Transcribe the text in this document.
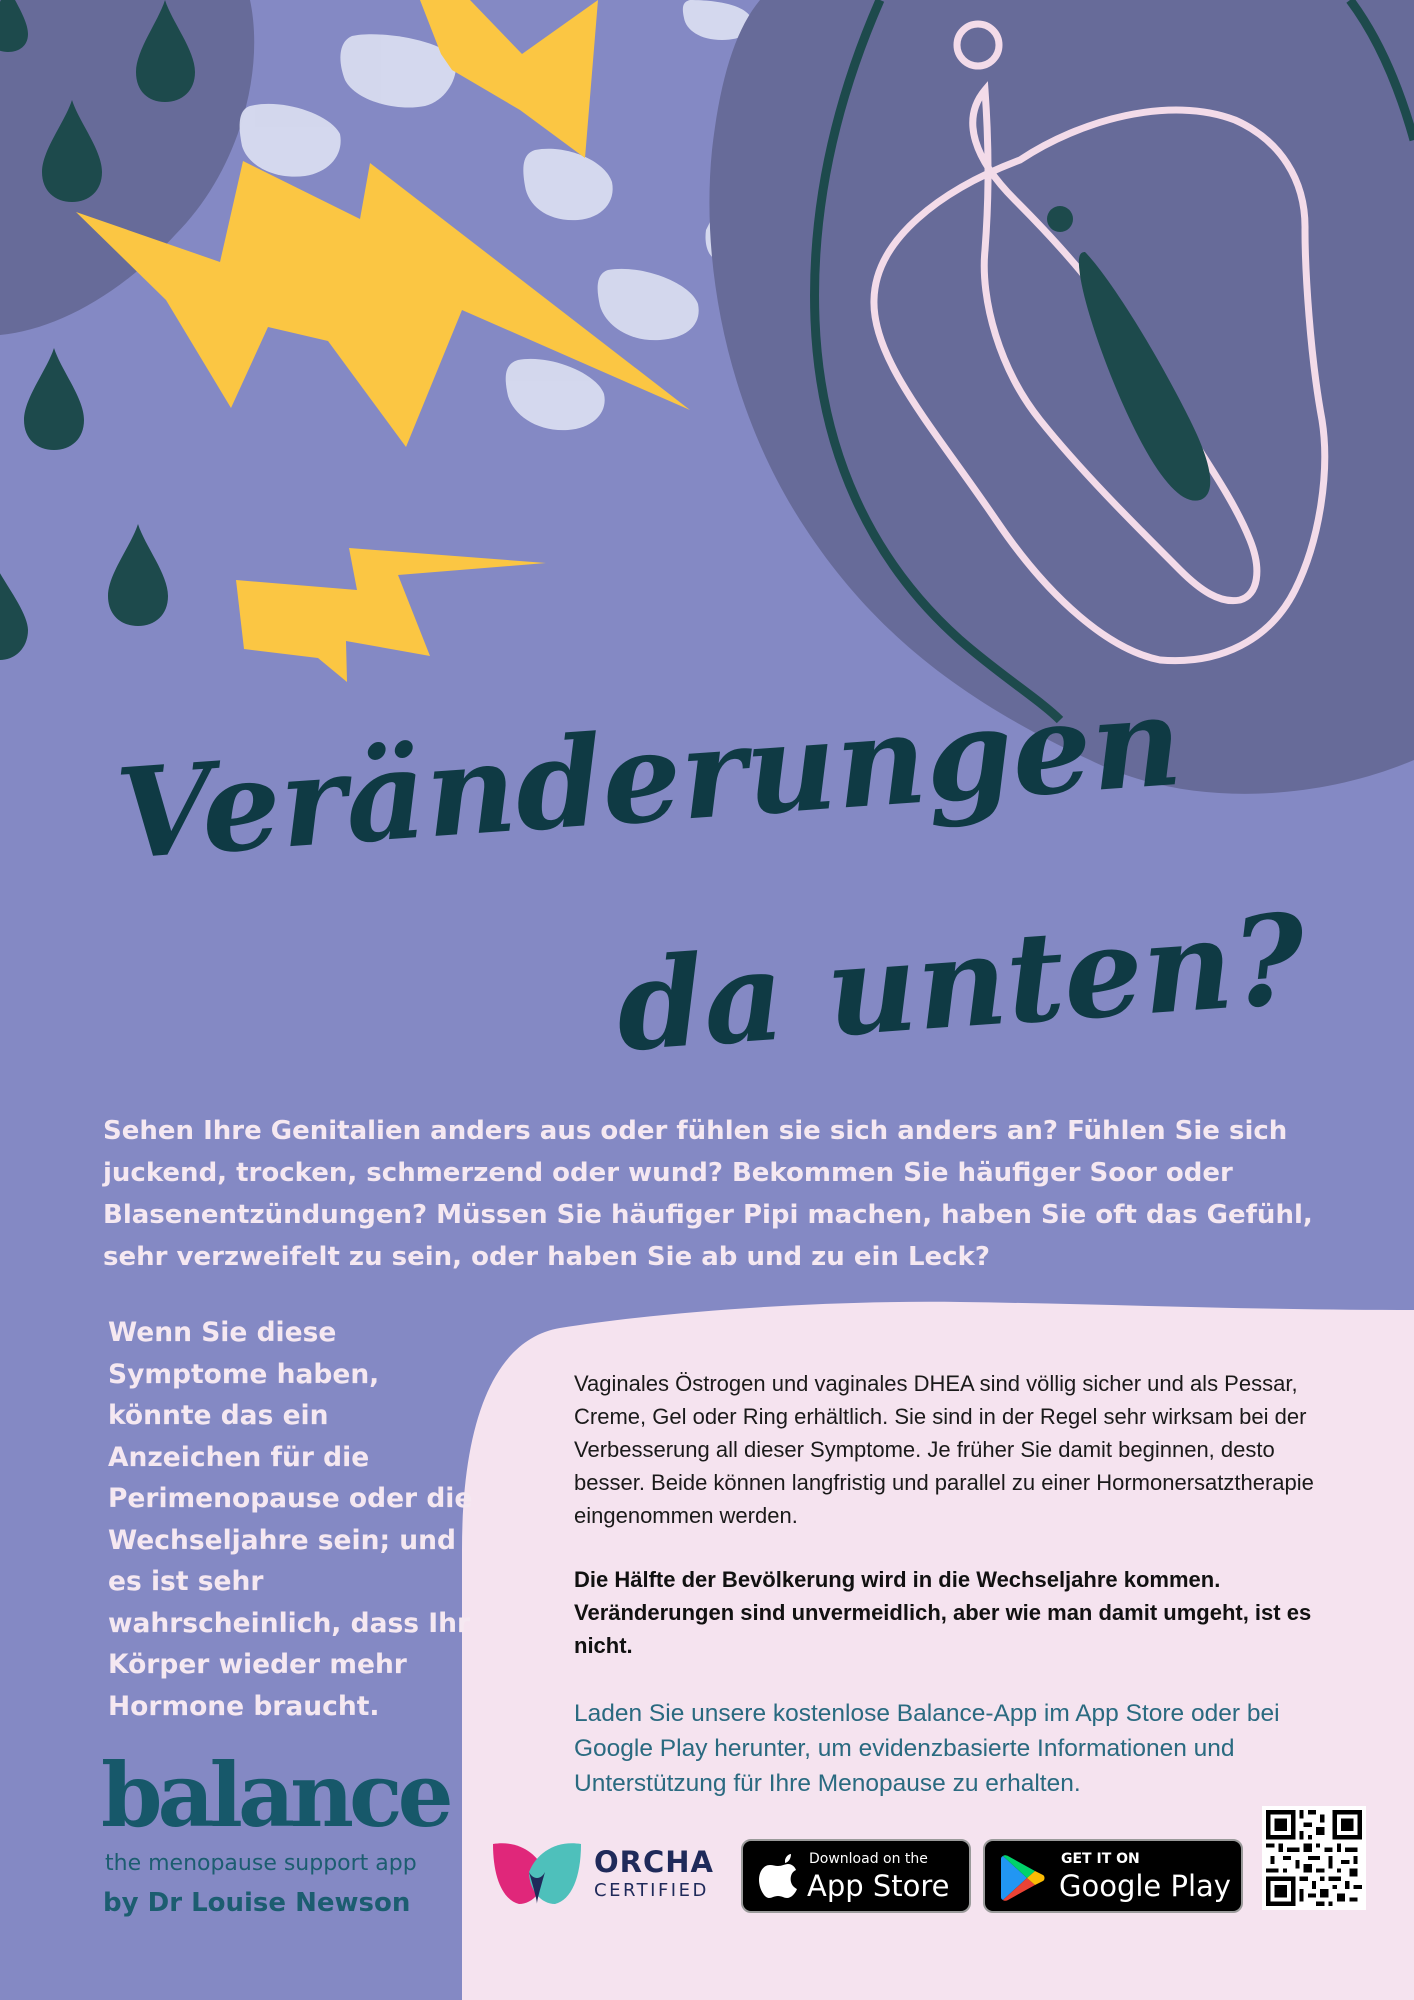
Veränderungen
da unten?

Sehen Ihre Genitalien anders aus oder fühlen sie sich anders an? Fühlen Sie sich juckend, trocken, schmerzend oder wund? Bekommen Sie häufiger Soor oder Blasenentzündungen? Müssen Sie häufiger Pipi machen, haben Sie oft das Gefühl, sehr verzweifelt zu sein, oder haben Sie ab und zu ein Leck?

Wenn Sie diese Symptome haben, könnte das ein Anzeichen für die Perimenopause oder die Wechseljahre sein; und es ist sehr wahrscheinlich, dass Ihr Körper wieder mehr Hormone braucht.

Vaginales Östrogen und vaginales DHEA sind völlig sicher und als Pessar, Creme, Gel oder Ring erhältlich. Sie sind in der Regel sehr wirksam bei der Verbesserung all dieser Symptome. Je früher Sie damit beginnen, desto besser. Beide können langfristig und parallel zu einer Hormonersatztherapie eingenommen werden.

Die Hälfte der Bevölkerung wird in die Wechseljahre kommen. Veränderungen sind unvermeidlich, aber wie man damit umgeht, ist es nicht.

Laden Sie unsere kostenlose Balance-App im App Store oder bei Google Play herunter, um evidenzbasierte Informationen und Unterstützung für Ihre Menopause zu erhalten.

balance

the menopause support app

by Dr Louise Newson

ORCHA

CERTIFIED

Download on the

App Store

GET IT ON

Google Play
